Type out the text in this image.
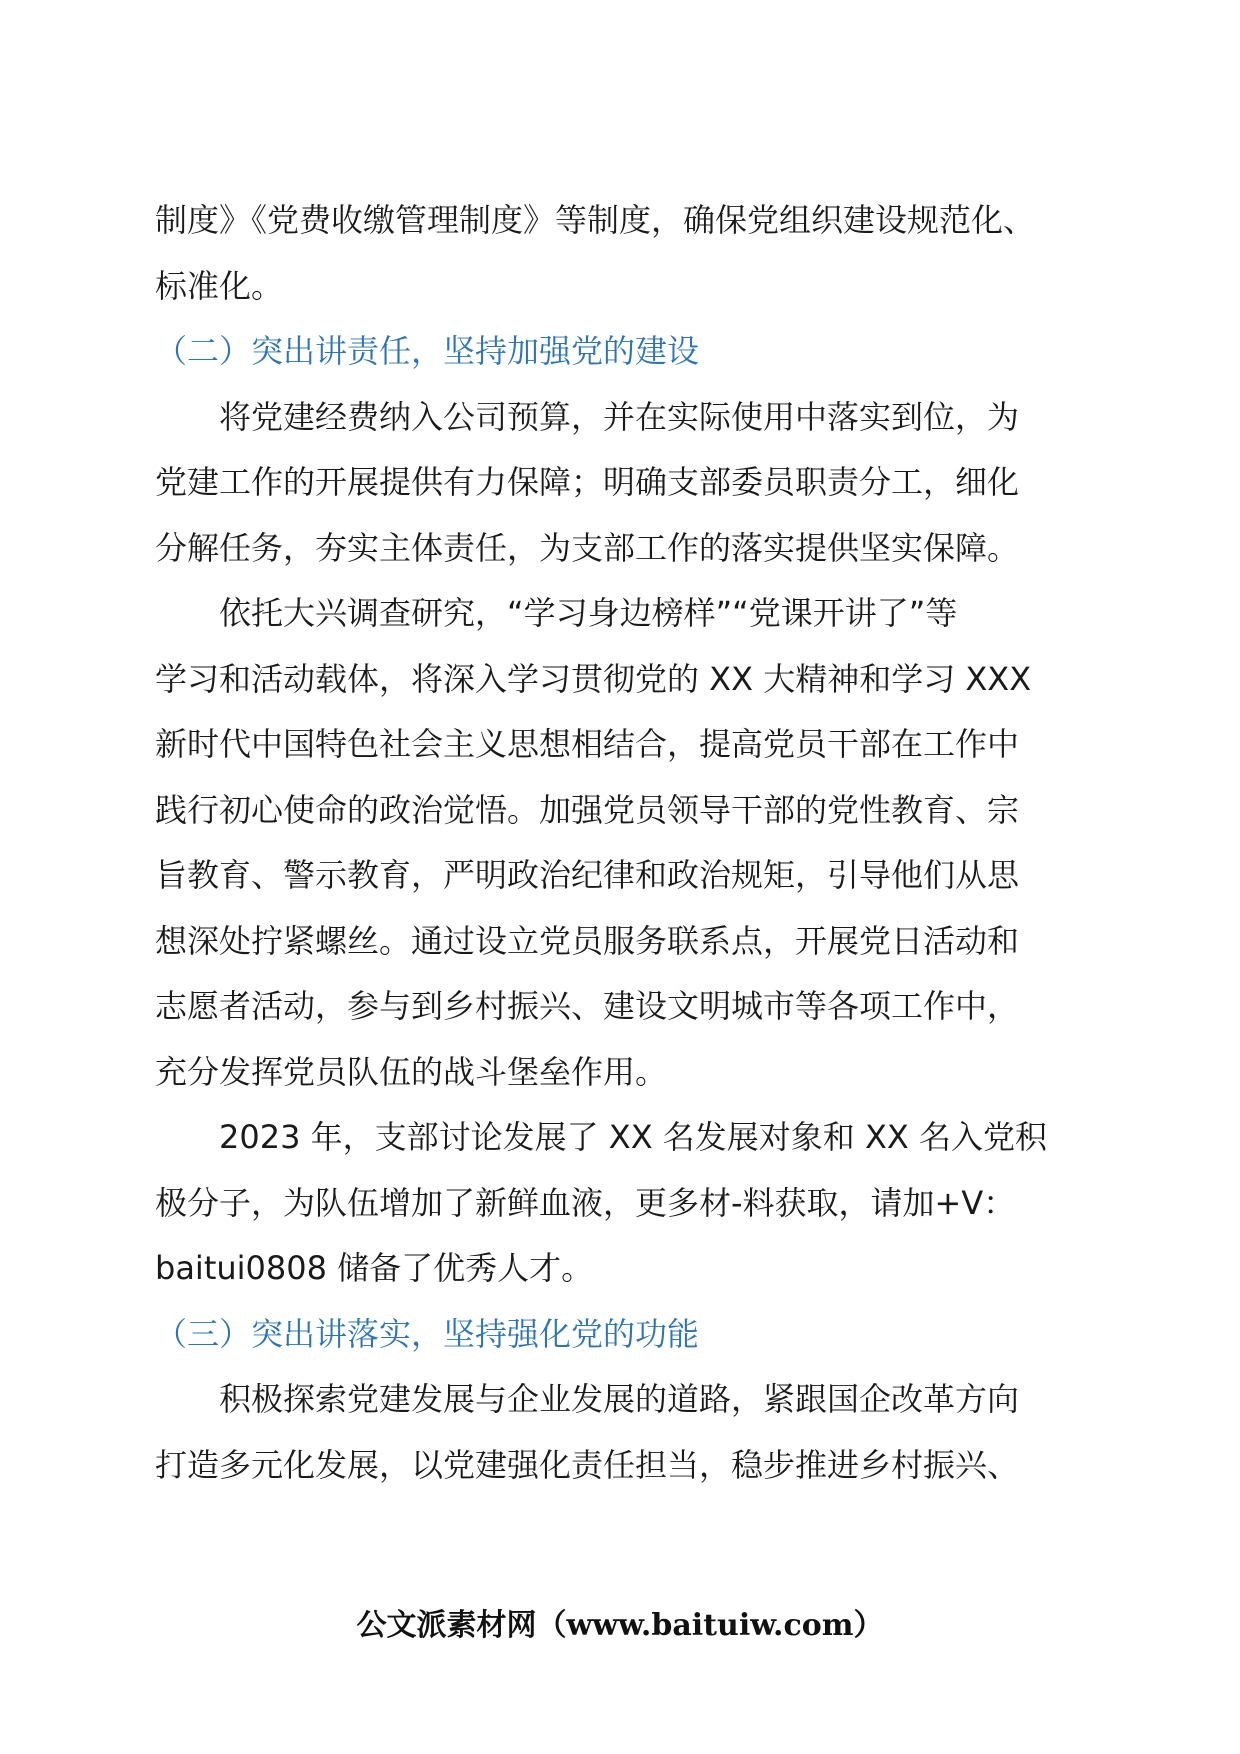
制度》《党费收缴管理制度》等制度，确保党组织建设规范化、
标准化。
（二）突出讲责任，坚持加强党的建设
将党建经费纳入公司预算，并在实际使用中落实到位，为
党建工作的开展提供有力保障；明确支部委员职责分工，细化
分解任务，夯实主体责任，为支部工作的落实提供坚实保障。
依托大兴调查研究，“学习身边榜样”“党课开讲了”等
学习和活动载体，将深入学习贯彻党的 XX 大精神和学习 XXX
新时代中国特色社会主义思想相结合，提高党员干部在工作中
践行初心使命的政治觉悟。加强党员领导干部的党性教育、宗
旨教育、警示教育，严明政治纪律和政治规矩，引导他们从思
想深处拧紧螺丝。通过设立党员服务联系点，开展党日活动和
志愿者活动，参与到乡村振兴、建设文明城市等各项工作中，
充分发挥党员队伍的战斗堡垒作用。
2023 年，支部讨论发展了 XX 名发展对象和 XX 名入党积
极分子，为队伍增加了新鲜血液，更多材-料获取，请加+V：
baitui0808 储备了优秀人才。
（三）突出讲落实，坚持强化党的功能
积极探索党建发展与企业发展的道路，紧跟国企改革方向
打造多元化发展，以党建强化责任担当，稳步推进乡村振兴、
公文派素材网（www.baituiw.com）
